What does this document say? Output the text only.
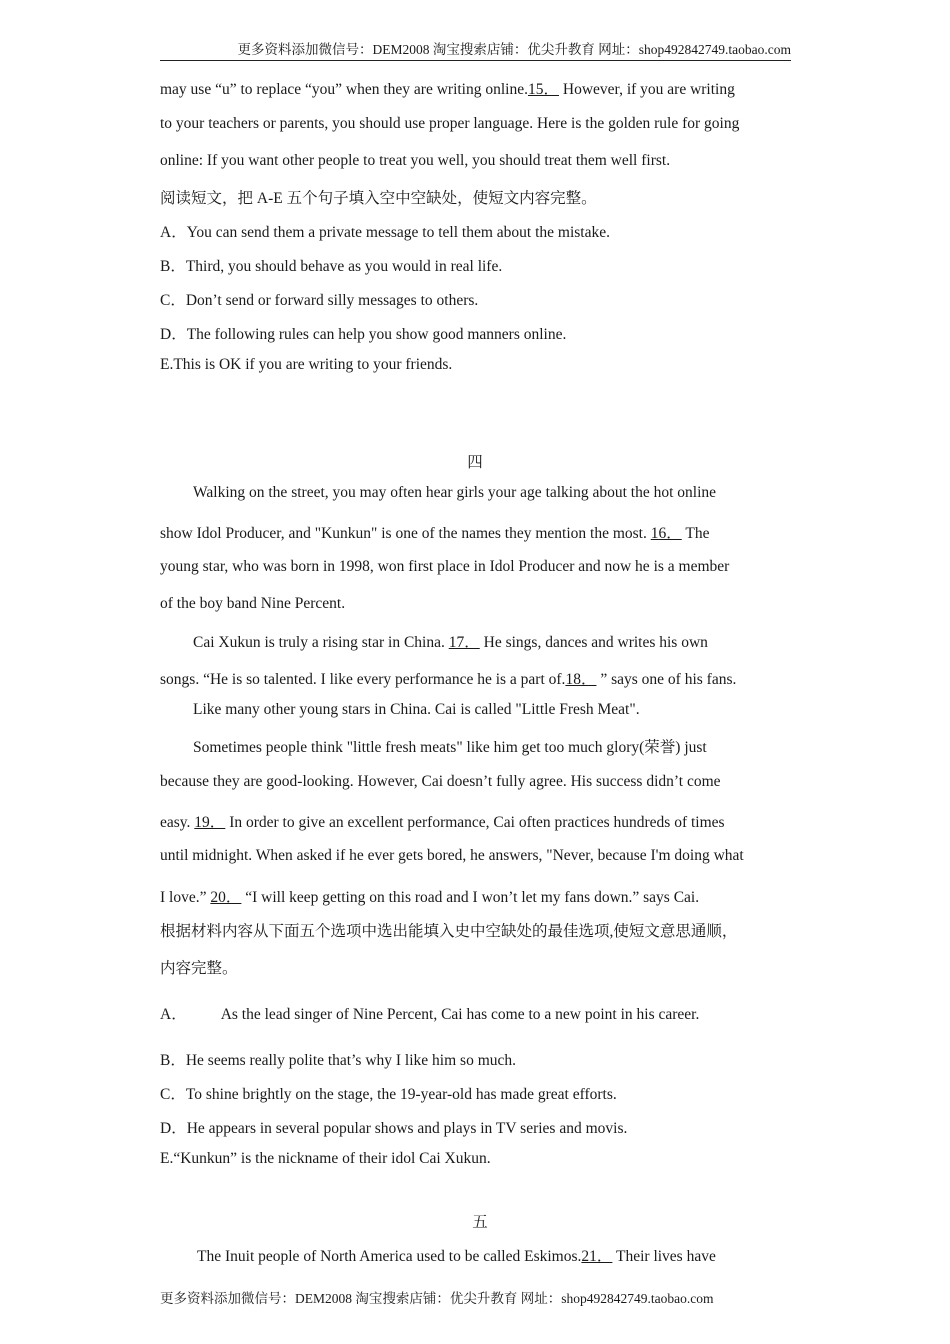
更多资料添加微信号：DEM2008 淘宝搜索店铺：优尖升教育 网址：shop492842749.taobao.com
may use “u” to replace “you” when they are writing online.15． However, if you are writing
to your teachers or parents, you should use proper language. Here is the golden rule for going
online: If you want other people to treat you well, you should treat them well first.
阅读短文，把 A-E 五个句子填入空中空缺处，使短文内容完整。
A．You can send them a private message to tell them about the mistake.
B．Third, you should behave as you would in real life.
C．Don’t send or forward silly messages to others.
D．The following rules can help you show good manners online.
E.This is OK if you are writing to your friends.
四
Walking on the street, you may often hear girls your age talking about the hot online
show Idol Producer, and "Kunkun" is one of the names they mention the most. 16． The
young star, who was born in 1998, won first place in Idol Producer and now he is a member
of the boy band Nine Percent.
Cai Xukun is truly a rising star in China. 17． He sings, dances and writes his own
songs. “He is so talented. I like every performance he is a part of.18． ” says one of his fans.
Like many other young stars in China. Cai is called "Little Fresh Meat".
Sometimes people think "little fresh meats" like him get too much glory(荣誉) just
because they are good-looking. However, Cai doesn’t fully agree. His success didn’t come
easy. 19． In order to give an excellent performance, Cai often practices hundreds of times
until midnight. When asked if he ever gets bored, he answers, "Never, because I'm doing what
I love.” 20． “I will keep getting on this road and I won’t let my fans down.” says Cai.
根据材料内容从下面五个选项中选出能填入史中空缺处的最佳选项,使短文意思通顺，
内容完整。
A． As the lead singer of Nine Percent, Cai has come to a new point in his career.
B．He seems really polite that’s why I like him so much.
C．To shine brightly on the stage, the 19-year-old has made great efforts.
D．He appears in several popular shows and plays in TV series and movis.
E.“Kunkun” is the nickname of their idol Cai Xukun.
五
The Inuit people of North America used to be called Eskimos.21． Their lives have
更多资料添加微信号：DEM2008 淘宝搜索店铺：优尖升教育 网址：shop492842749.taobao.com
